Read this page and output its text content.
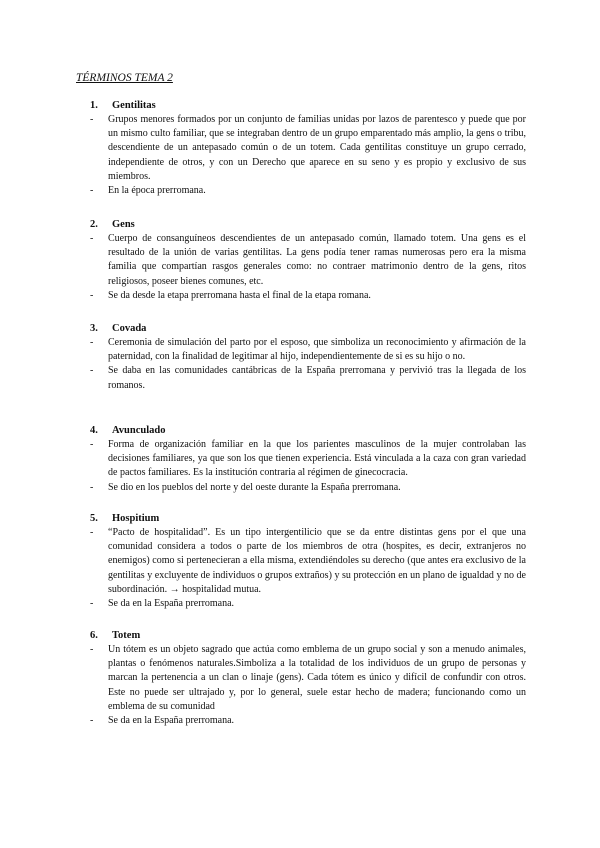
TÉRMINOS TEMA 2
1.	Gentilitas
- Grupos menores formados por un conjunto de familias unidas por lazos de parentesco y puede que por un mismo culto familiar, que se integraban dentro de un grupo emparentado más amplio, la gens o tribu, descendiente de un antepasado común o de un totem. Cada gentilitas constituye un grupo cerrado, independiente de otros, y con un Derecho que aparece en su seno y es propio y exclusivo de sus miembros.
- En la época prerromana.
2.	Gens
- Cuerpo de consanguíneos descendientes de un antepasado común, llamado totem. Una gens es el resultado de la unión de varias gentilitas. La gens podía tener ramas numerosas pero era la misma familia que compartían rasgos generales como: no contraer matrimonio dentro de la gens, ritos religiosos, poseer bienes comunes, etc.
- Se da desde la etapa prerromana hasta el final de la etapa romana.
3.	Covada
- Ceremonia de simulación del parto por el esposo, que simboliza un reconocimiento y afirmación de la paternidad, con la finalidad de legitimar al hijo, independientemente de si es su hijo o no.
- Se daba en las comunidades cantábricas de la España prerromana y pervivió tras la llegada de los romanos.
4.	Avunculado
- Forma de organización familiar en la que los parientes masculinos de la mujer controlaban las decisiones familiares, ya que son los que tienen experiencia. Está vinculada a la caza con gran variedad de pactos familiares. Es la institución contraria al régimen de ginecocracia.
- Se dio en los pueblos del norte y del oeste durante la España prerromana.
5.	Hospitium
- “Pacto de hospitalidad”. Es un tipo intergentilicio que se da entre distintas gens por el que una comunidad considera a todos o parte de los miembros de otra (hospites, es decir, extranjeros no enemigos) como si pertenecieran a ella misma, extendiéndoles su derecho (que antes era exclusivo de la gentilitas y excluyente de individuos o grupos extraños) y su protección en un plano de igualdad y no de subordinación. → hospitalidad mutua.
- Se da en la España prerromana.
6.	Totem
- Un tótem es un objeto sagrado que actúa como emblema de un grupo social y son a menudo animales, plantas o fenómenos naturales.Simboliza a la totalidad de los individuos de un grupo de personas y marcan la pertenencia a un clan o linaje (gens). Cada tótem es único y difícil de confundir con otros. Este no puede ser ultrajado y, por lo general, suele estar hecho de madera; funcionando como un emblema de su comunidad
- Se da en la España prerromana.
